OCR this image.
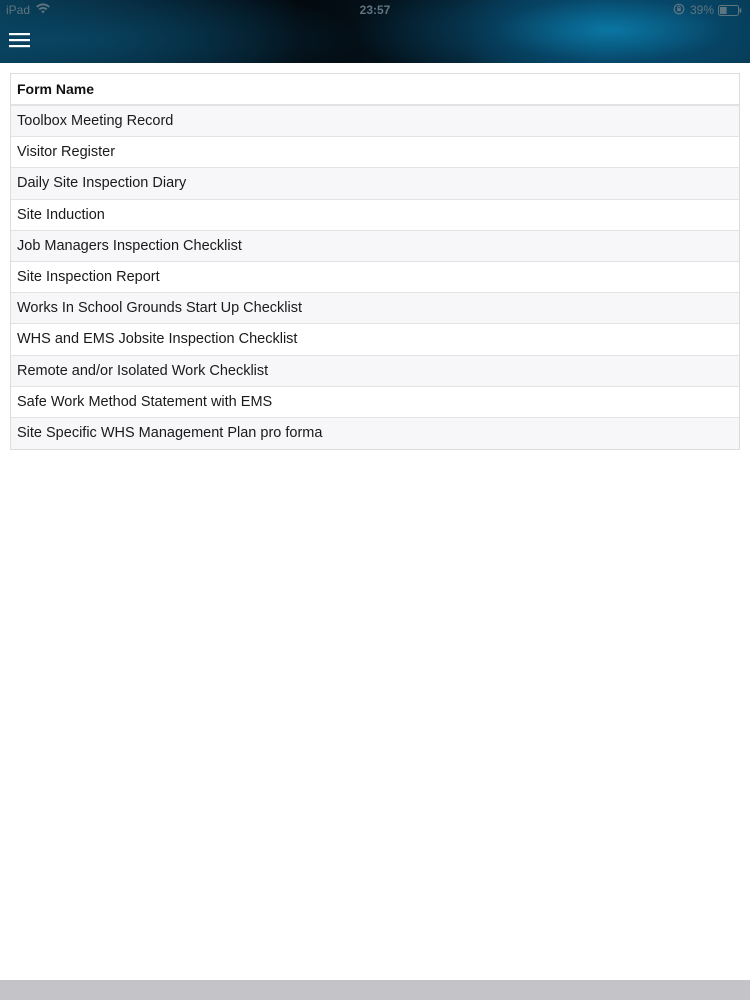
iPad	23:57	39%
Form Name
Toolbox Meeting Record
Visitor Register
Daily Site Inspection Diary
Site Induction
Job Managers Inspection Checklist
Site Inspection Report
Works In School Grounds Start Up Checklist
WHS and EMS Jobsite Inspection Checklist
Remote and/or Isolated Work Checklist
Safe Work Method Statement with EMS
Site Specific WHS Management Plan pro forma
